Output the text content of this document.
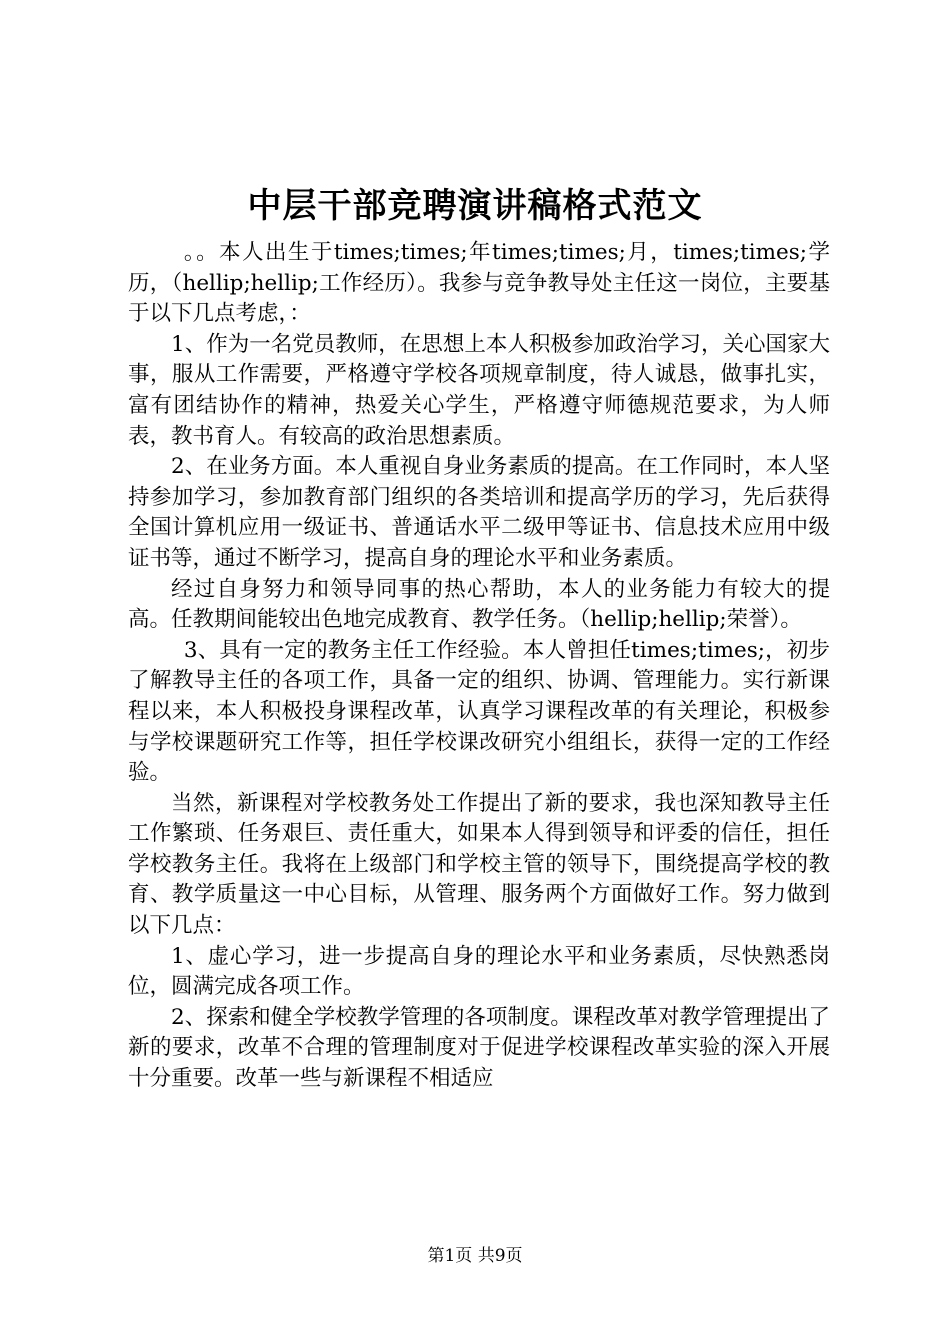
中层干部竞聘演讲稿格式范文

。。本人出生于times;times;年times;times;月，times;times;学历，（hellip;hellip;工作经历）。我参与竞争教导处主任这一岗位，主要基于以下几点考虑，：

1、作为一名党员教师，在思想上本人积极参加政治学习，关心国家大事，服从工作需要，严格遵守学校各项规章制度，待人诚恳，做事扎实，富有团结协作的精神，热爱关心学生，严格遵守师德规范要求，为人师表，教书育人。有较高的政治思想素质。

2、在业务方面。本人重视自身业务素质的提高。在工作同时，本人坚持参加学习，参加教育部门组织的各类培训和提高学历的学习，先后获得全国计算机应用一级证书、普通话水平二级甲等证书、信息技术应用中级证书等，通过不断学习，提高自身的理论水平和业务素质。

经过自身努力和领导同事的热心帮助，本人的业务能力有较大的提高。任教期间能较出色地完成教育、教学任务。（hellip;hellip;荣誉）。

3、具有一定的教务主任工作经验。本人曾担任times;times;，初步了解教导主任的各项工作，具备一定的组织、协调、管理能力。实行新课程以来，本人积极投身课程改革，认真学习课程改革的有关理论，积极参与学校课题研究工作等，担任学校课改研究小组组长，获得一定的工作经验。

当然，新课程对学校教务处工作提出了新的要求，我也深知教导主任工作繁琐、任务艰巨、责任重大，如果本人得到领导和评委的信任，担任学校教务主任。我将在上级部门和学校主管的领导下，围绕提高学校的教育、教学质量这一中心目标，从管理、服务两个方面做好工作。努力做到以下几点：

1、虚心学习，进一步提高自身的理论水平和业务素质，尽快熟悉岗位，圆满完成各项工作。

2、探索和健全学校教学管理的各项制度。课程改革对教学管理提出了新的要求，改革不合理的管理制度对于促进学校课程改革实验的深入开展十分重要。改革一些与新课程不相适应

第1页 共9页
